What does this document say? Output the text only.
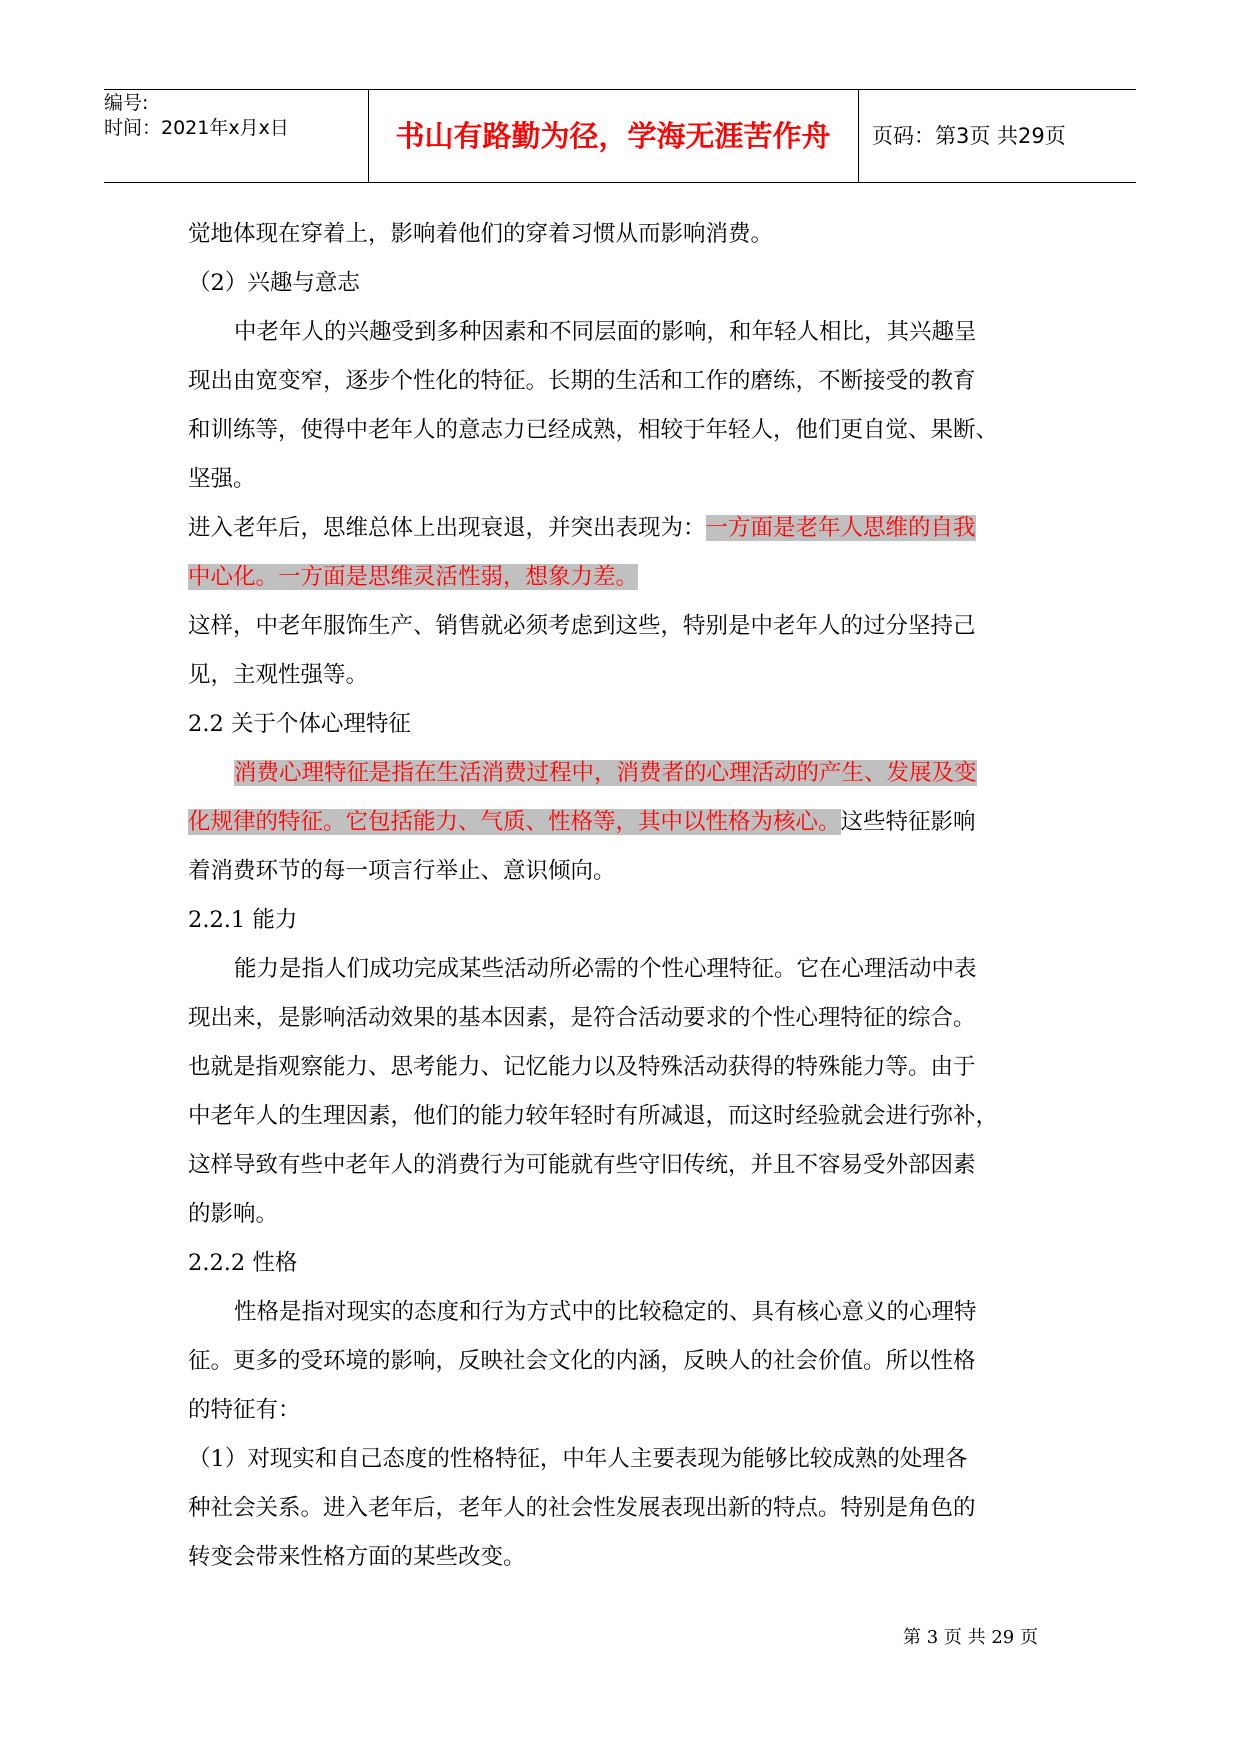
编号:
时间：2021年x月x日	书山有路勤为径，学海无涯苦作舟	页码：第3页 共29页

觉地体现在穿着上，影响着他们的穿着习惯从而影响消费。

（2）兴趣与意志

中老年人的兴趣受到多种因素和不同层面的影响，和年轻人相比，其兴趣呈

现出由宽变窄，逐步个性化的特征。长期的生活和工作的磨练，不断接受的教育

和训练等，使得中老年人的意志力已经成熟，相较于年轻人，他们更自觉、果断、

坚强。

进入老年后，思维总体上出现衰退，并突出表现为：一方面是老年人思维的自我

中心化。一方面是思维灵活性弱，想象力差。

这样，中老年服饰生产、销售就必须考虑到这些，特别是中老年人的过分坚持己

见，主观性强等。

2.2 关于个体心理特征

消费心理特征是指在生活消费过程中，消费者的心理活动的产生、发展及变

化规律的特征。它包括能力、气质、性格等，其中以性格为核心。这些特征影响

着消费环节的每一项言行举止、意识倾向。

2.2.1 能力

能力是指人们成功完成某些活动所必需的个性心理特征。它在心理活动中表

现出来，是影响活动效果的基本因素，是符合活动要求的个性心理特征的综合。

也就是指观察能力、思考能力、记忆能力以及特殊活动获得的特殊能力等。由于

中老年人的生理因素，他们的能力较年轻时有所减退，而这时经验就会进行弥补，

这样导致有些中老年人的消费行为可能就有些守旧传统，并且不容易受外部因素

的影响。

2.2.2 性格

性格是指对现实的态度和行为方式中的比较稳定的、具有核心意义的心理特

征。更多的受环境的影响，反映社会文化的内涵，反映人的社会价值。所以性格

的特征有：

（1）对现实和自己态度的性格特征，中年人主要表现为能够比较成熟的处理各

种社会关系。进入老年后，老年人的社会性发展表现出新的特点。特别是角色的

转变会带来性格方面的某些改变。

第 3 页 共 29 页
